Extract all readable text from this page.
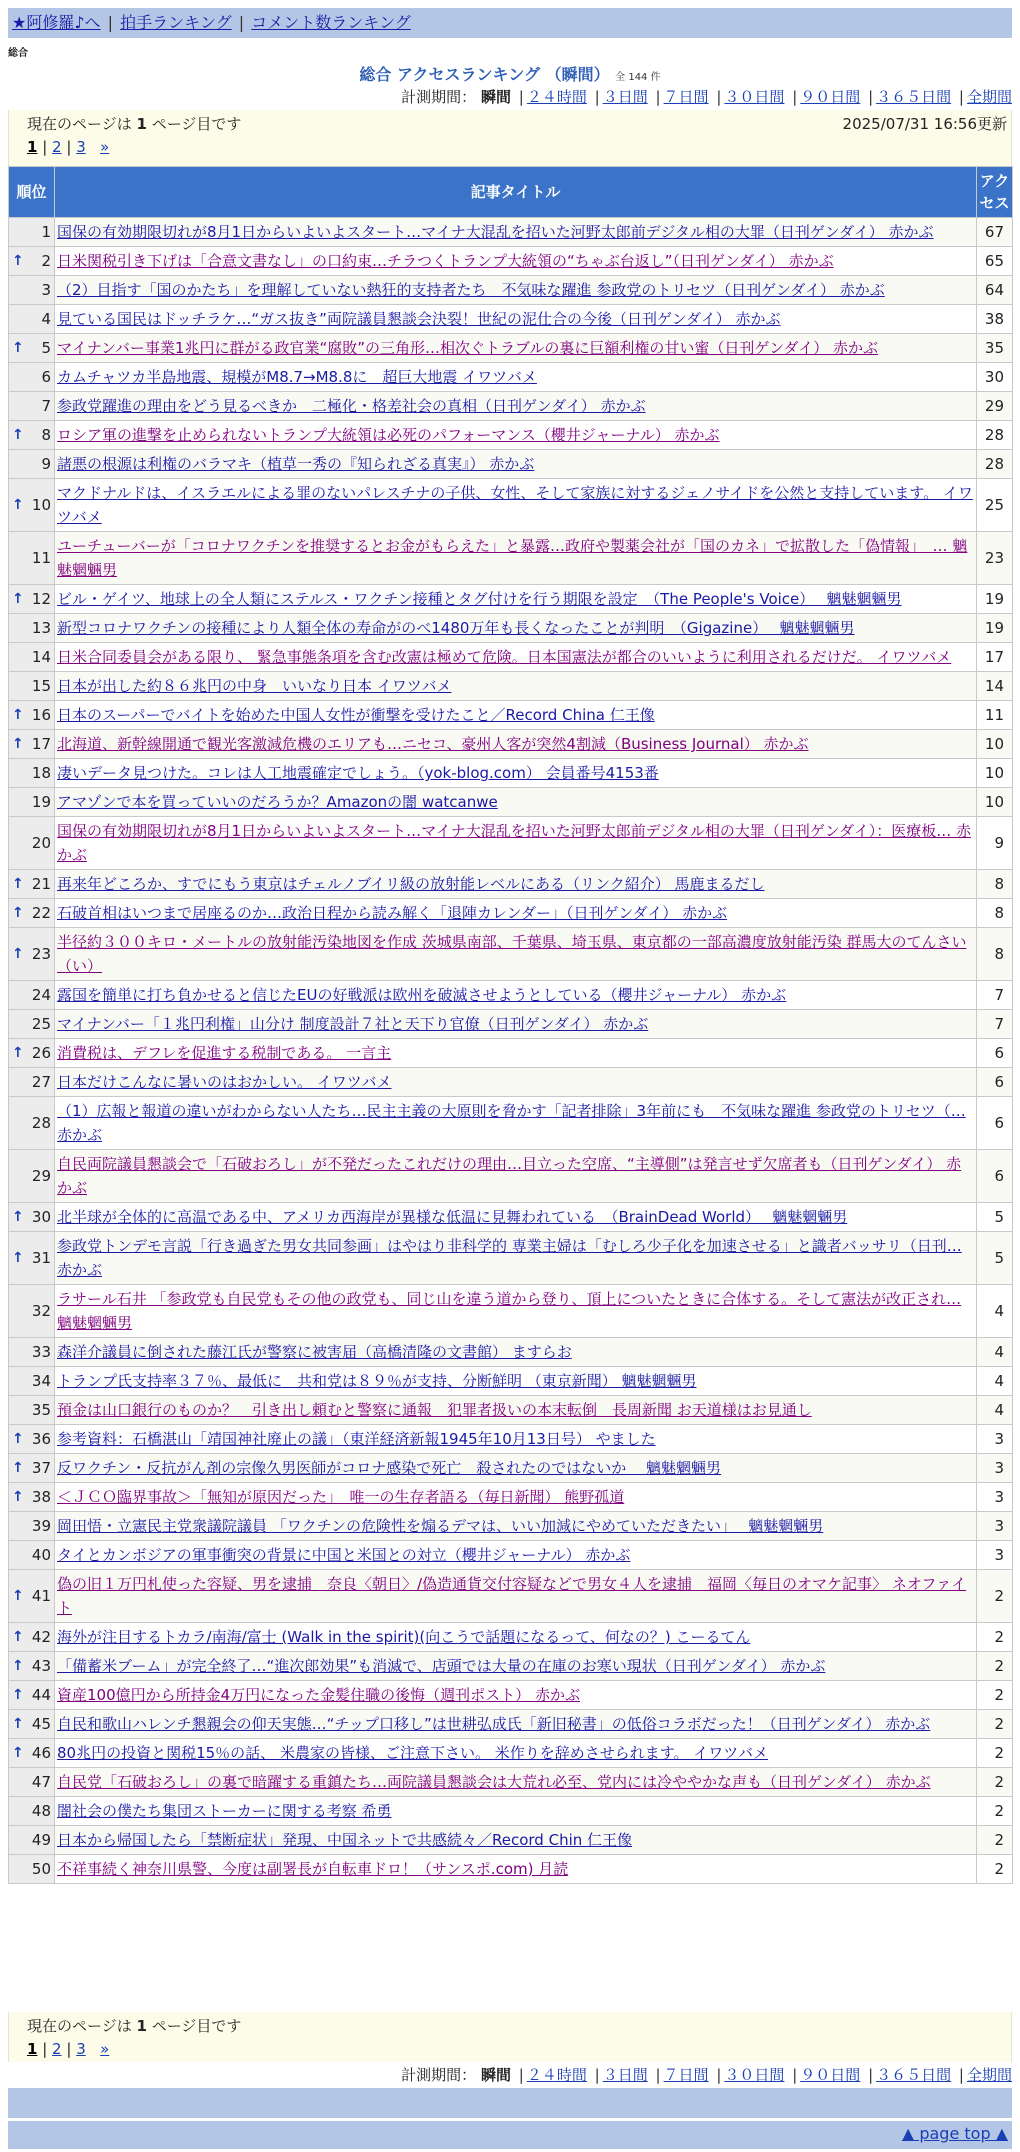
★阿修羅♪へ | 拍手ランキング | コメント数ランキング
総合
総合 アクセスランキング （瞬間） 全 144 件
計測期間： 瞬間 | ２４時間 | ３日間 | ７日間 | ３０日間 | ９０日間 | ３６５日間 | 全期間
現在のページは 1 ページ目です	2025/07/31 16:56更新
1 | 2 | 3 »
順位	記事タイトル	アクセス
1	国保の有効期限切れが8月1日からいよいよスタート…マイナ大混乱を招いた河野太郎前デジタル相の大罪（日刊ゲンダイ） 赤かぶ	67

↑ 2	日米関税引き下げは「合意文書なし」の口約束…チラつくトランプ大統領の“ちゃぶ台返し”（日刊ゲンダイ） 赤かぶ	65
3	（2）目指す「国のかたち」を理解していない熱狂的支持者たち　不気味な躍進 参政党のトリセツ（日刊ゲンダイ） 赤かぶ	64
4	見ている国民はドッチラケ…“ガス抜き”両院議員懇談会決裂！世紀の泥仕合の今後（日刊ゲンダイ） 赤かぶ	38

↑ 5	マイナンバー事業1兆円に群がる政官業“腐敗”の三角形…相次ぐトラブルの裏に巨額利権の甘い蜜（日刊ゲンダイ） 赤かぶ	35
6	カムチャツカ半島地震、規模がM8.7→M8.8に　超巨大地震 イワツバメ	30
7	参政党躍進の理由をどう見るべきか　二極化・格差社会の真相（日刊ゲンダイ） 赤かぶ	29

↑ 8	ロシア軍の進撃を止められないトランプ大統領は必死のパフォーマンス（櫻井ジャーナル） 赤かぶ	28
9	諸悪の根源は利権のバラマキ（植草一秀の『知られざる真実』） 赤かぶ	28

↑ 10	マクドナルドは、イスラエルによる罪のないパレスチナの子供、女性、そして家族に対するジェノサイドを公然と支持しています。 イワツバメ	25
11	ユーチューバーが「コロナワクチンを推奨するとお金がもらえた」と暴露…政府や製薬会社が「国のカネ」で拡散した「偽情報」　… 魑魅魍魎男	23

↑ 12	ビル・ゲイツ、地球上の全人類にステルス・ワクチン接種とタグ付けを行う期限を設定　（The People's Voice）　 魑魅魍魎男	19
13	新型コロナワクチンの接種により人類全体の寿命がのべ1480万年も長くなったことが判明　（Gigazine）　 魑魅魍魎男	19
14	日米合同委員会がある限り、 緊急事態条項を含む改憲は極めて危険。日本国憲法が都合のいいように利用されるだけだ。 イワツバメ	17
15	日本が出した約８６兆円の中身　いいなり日本 イワツバメ	14

↑ 16	日本のスーパーでバイトを始めた中国人女性が衝撃を受けたこと／Record China 仁王像	11

↑ 17	北海道、新幹線開通で観光客激減危機のエリアも…ニセコ、豪州人客が突然4割減（Business Journal） 赤かぶ	10
18	凄いデータ見つけた。コレは人工地震確定でしょう。（yok-blog.com） 会員番号4153番	10
19	アマゾンで本を買っていいのだろうか？Amazonの闇 watcanwe	10
20	国保の有効期限切れが8月1日からいよいよスタート…マイナ大混乱を招いた河野太郎前デジタル相の大罪（日刊ゲンダイ）：医療板… 赤かぶ	9

↑ 21	再来年どころか、すでにもう東京はチェルノブイリ級の放射能レベルにある（リンク紹介） 馬鹿まるだし	8

↑ 22	石破首相はいつまで居座るのか…政治日程から読み解く「退陣カレンダー」（日刊ゲンダイ） 赤かぶ	8

↑ 23	半径約３００キロ・メートルの放射能汚染地図を作成 茨城県南部、千葉県、埼玉県、東京都の一部高濃度放射能汚染 群馬大のてんさい（い）	8
24	露国を簡単に打ち負かせると信じたEUの好戦派は欧州を破滅させようとしている（櫻井ジャーナル） 赤かぶ	7
25	マイナンバー「１兆円利権」山分け 制度設計７社と天下り官僚（日刊ゲンダイ） 赤かぶ	7

↑ 26	消費税は、デフレを促進する税制である。 一言主	6
27	日本だけこんなに暑いのはおかしい。 イワツバメ	6
28	（1）広報と報道の違いがわからない人たち…民主主義の大原則を脅かす「記者排除」3年前にも　不気味な躍進 参政党のトリセツ（… 赤かぶ	6
29	自民両院議員懇談会で「石破おろし」が不発だったこれだけの理由…目立った空席、“主導側”は発言せず欠席者も（日刊ゲンダイ） 赤かぶ	6

↑ 30	北半球が全体的に高温である中、アメリカ西海岸が異様な低温に見舞われている　（BrainDead World）　 魑魅魍魎男	5

↑ 31	参政党トンデモ言説「行き過ぎた男女共同参画」はやはり非科学的 専業主婦は「むしろ少子化を加速させる」と識者バッサリ（日刊… 赤かぶ	5
32	ラサール石井 「参政党も自民党もその他の政党も、同じ山を違う道から登り、頂上についたときに合体する。そして憲法が改正され… 魑魅魍魎男	4
33	森洋介議員に倒された藤江氏が警察に被害届（高橋清隆の文書館） ますらお	4
34	トランプ氏支持率３７％、最低に　共和党は８９％が支持、分断鮮明 （東京新聞） 魑魅魍魎男	4
35	預金は山口銀行のものか？　引き出し頼むと警察に通報　犯罪者扱いの本末転倒　長周新聞 お天道様はお見通し	4

↑ 36	参考資料：石橋湛山「靖国神社廃止の議」（東洋経済新報1945年10月13日号） やました	3

↑ 37	反ワクチン・反抗がん剤の宗像久男医師がコロナ感染で死亡　殺されたのではないか　 魑魅魍魎男	3

↑ 38	＜ＪＣＯ臨界事故＞「無知が原因だった」　唯一の生存者語る（毎日新聞） 熊野孤道	3
39	岡田悟・立憲民主党衆議院議員 「ワクチンの危険性を煽るデマは、いい加減にやめていただきたい」　 魑魅魍魎男	3
40	タイとカンボジアの軍事衝突の背景に中国と米国との対立（櫻井ジャーナル） 赤かぶ	3

↑ 41	偽の旧１万円札使った容疑、男を逮捕　奈良〈朝日〉/偽造通貨交付容疑などで男女４人を逮捕　福岡〈毎日のオマケ記事〉 ネオファイト	2

↑ 42	海外が注目するトカラ/南海/富士 (Walk in the spirit)(向こうで話題になるって、何なの？) こーるてん	2

↑ 43	「備蓄米ブーム」が完全終了…“進次郎効果”も消滅で、店頭では大量の在庫のお寒い現状（日刊ゲンダイ） 赤かぶ	2

↑ 44	資産100億円から所持金4万円になった金髪住職の後悔（週刊ポスト） 赤かぶ	2

↑ 45	自民和歌山ハレンチ懇親会の仰天実態…“チップ口移し”は世耕弘成氏「新旧秘書」の低俗コラボだった！（日刊ゲンダイ） 赤かぶ	2

↑ 46	80兆円の投資と関税15％の話、 米農家の皆様、ご注意下さい。 米作りを辞めさせられます。 イワツバメ	2
47	自民党「石破おろし」の裏で暗躍する重鎮たち…両院議員懇談会は大荒れ必至、党内には冷ややかな声も（日刊ゲンダイ） 赤かぶ	2
48	闇社会の僕たち集団ストーカーに関する考察 希勇	2
49	日本から帰国したら「禁断症状」発現、中国ネットで共感続々／Record Chin 仁王像	2
50	不祥事続く神奈川県警、今度は副署長が自転車ドロ！（サンスポ.com) 月読	2
現在のページは 1 ページ目です
1 | 2 | 3 »
計測期間： 瞬間 | ２４時間 | ３日間 | ７日間 | ３０日間 | ９０日間 | ３６５日間 | 全期間
▲ page top ▲
